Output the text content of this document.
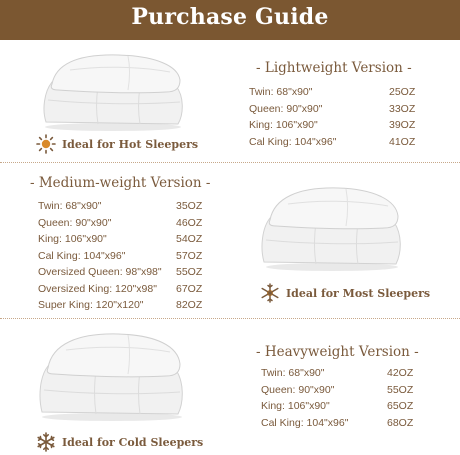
Purchase Guide
- Lightweight Version -
Twin: 68"x90"	25OZ
Queen: 90"x90"	33OZ
King: 106"x90"	39OZ
Cal King: 104"x96"	41OZ
Ideal for Hot Sleepers
- Medium-weight Version -
Twin: 68"x90"	35OZ
Queen: 90"x90"	46OZ
King: 106"x90"	54OZ
Cal King: 104"x96"	57OZ
Oversized Queen: 98"x98" 55OZ
Oversized King: 120"x98" 67OZ
Super King: 120"x120"	82OZ
Ideal for Most Sleepers
- Heavyweight Version -
Twin: 68"x90"	42OZ
Queen: 90"x90"	55OZ
King: 106"x90"	65OZ
Cal King: 104"x96"	68OZ
Ideal for Cold Sleepers
